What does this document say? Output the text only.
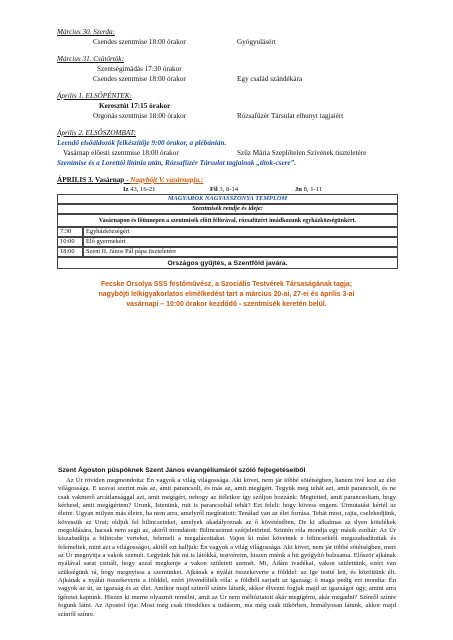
Március 30. Szerda:
Csendes szentmise 18:00 órakor	Gyógyulásért
Március 31. Csütörtök:
Szentségimádás 17:30 órakor
Csendes szentmise 18:00 órakor	Egy család szándékára
Április 1. ELSŐPÉNTEK:
Keresztút 17:15 órakor
Orgonás szentmise 18:00 órakor	Rózsafüzér Társulat elhunyt tagjaiért
Április 2. ELSŐSZOMBAT:
Leendő elsőáldozók felkészítője 9:00 órakor, a plébánián.
Vasárnap előesti szentmise 18:00 órakor	Szűz Mária Szeplőtelen Szívének tiszteletére
Szentmise és a Lorettói litánia után, Rózsafüzér Társulat tagjainak „titok-csere”.
ÁPRILIS 3. Vasárnap - Nagyböjt V. vasárnapja.:
Iz 43, 16-21	Fil 3, 8-14	Jn 8, 1-11
MAGYAROK NAGYASSZONYA TEMPLOM
Szentmisék rendje és ideje:
Vasárnapon és főünnepen a szentmisék előtt félórával, rózsafüzért imádkozunk egyházközségünkért.
7:30	Egyházközségért
10:00	Élő gyermekért
18:00	Szent II. János Pál pápa tiszteletére
Országos gyűjtés, a Szentföld javára.
Fecske Orsolya SSS festőművész, a Szociális Testvérek Társaságának tagja;
nagyböjti lelkigyakorlatos elmélkedést tart a március 20-ai, 27-ei és április 3-ai
vasárnapi – 10:00 órakor kezdődő - szentmisék keretén belül.
Szent Ágoston püspöknek Szent János evangéliumáról szóló fejtegetéseiből

Az Úr röviden megmondotta: Én vagyok a világ világossága. Aki követ, nem jár többé sötétségben, hanem övé lesz az élet világossága. E szavai szerint más az, amit parancsolt, és más az, amit megígért. Tegyük meg tehát azt, amit parancsolt, és ne csak vakmerő arcátlansággal azt, amit megígért, nehogy az ítéletkor így szóljon hozzánk: Megtetted, amit parancsoltam, hogy kérhesd, amit megígértem? Urunk, Istenünk, mit is parancsoltál tehát? Ezt feleli: hogy kövess engem. Útmutatást kértél az életre. Ugyan milyen más életre, ha nem arra, amelyről megírattott: Tenálad van az élet forrása. Tehát most, rajta, cselekedjünk, kövessük az Urat; oldjuk fel bilincseinket, amelyek akadályoznak az ő követésében. De ki alkalmas az ilyen kötelékek megoldására, hacsak nem segít az, akiről mondatott: Bilincseimet szétjeletörted. Szintén róla mondja egy másik zsoltár: Az Úr kiszabadítja a bilincsbe verteket, felemeli a megalázottakat. Vajon ki mást követnek e bilincsektől megszabadítottak és felemeltek, mint azt a világosságot, akitől ezt halljuk: Én vagyok a világ világossága. Aki követ, nem jár többé sötétségben, mert az Úr megnyitja a vakok szemét. Legyünk hát mi is látókká, testvéreim, hiszen miénk a hit gyógyító balzsama. Először ajkának nyálával sarat csinált, hogy azzal megkenje a vakon született szemét. Mi, Ádám ivadékai, vakon születtünk, ezért van szükségünk rá, hogy megnyissa a szemünket. Ajkának a nyálát összekeverte a földdel: az Ige testté lett, és közöttünk élt. Ajkának a nyálát összekeverte a földdel, ezért jövendőlték róla: a földből sarjadt az igazság; ő maga pedig ezt mondta: Én vagyok az út, az igazság és az élet. Amikor majd színről színre látunk, akkor élvezni fogjuk majd az igazságot úgy, amint arra ígéretet kaptunk. Hiszen ki merne olyasmit remélni, amit az Úr nem méltóztatott akár megígérni, akár megadni? Színről színre fogunk látni. Az Apostol írja: Most még csak töredékes a tudásom, ma még csak tükörben, homályosan látunk, akkor majd színről színre.
